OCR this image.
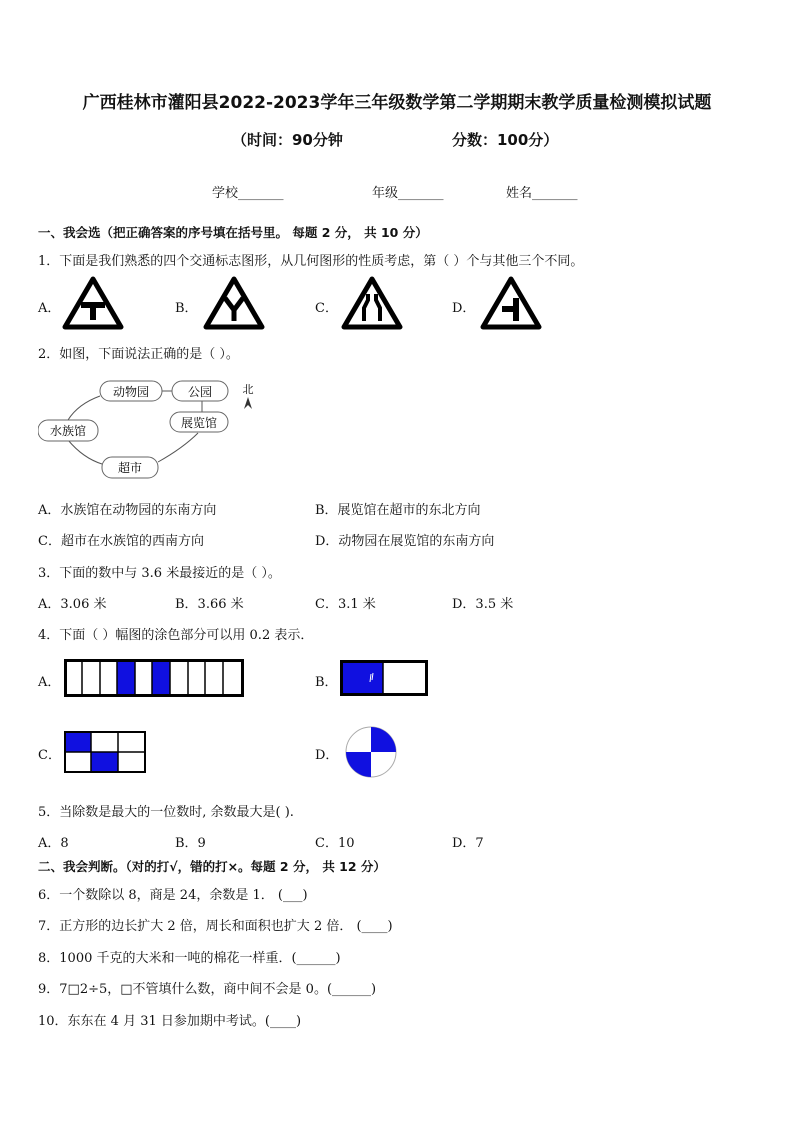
广西桂林市灌阳县2022-2023学年三年级数学第二学期期末教学质量检测模拟试题
（时间：90分钟	分数：100分）
学校_______	年级_______	姓名_______
一、我会选（把正确答案的序号填在括号里。 每题 2 分， 共 10 分）
1．下面是我们熟悉的四个交通标志图形，从几何图形的性质考虑，第（ ）个与其他三个不同。
A．	B．	C．	D．
2．如图，下面说法正确的是（ ）。
动物园	公园
展览馆
水族馆
超市
北
A．水族馆在动物园的东南方向	B．展览馆在超市的东北方向
C．超市在水族馆的西南方向	D．动物园在展览馆的东南方向
3．下面的数中与 3.6 米最接近的是（ ）。
A．3.06 米	B．3.66 米	C．3.1 米	D．3.5 米
4．下面（ ）幅图的涂色部分可以用 0.2 表示．
A．	B．
C．	D．
5．当除数是最大的一位数时, 余数最大是( ).
A．8	B．9	C．10	D．7
二、我会判断。（对的打√，错的打×。每题 2 分， 共 12 分）
6．一个数除以 8，商是 24，余数是 1． (___)
7．正方形的边长扩大 2 倍，周长和面积也扩大 2 倍． (____)
8．1000 千克的大米和一吨的棉花一样重．(______)
9．7□2÷5，□不管填什么数，商中间不会是 0。(______)
10．东东在 4 月 31 日参加期中考试。(____)
